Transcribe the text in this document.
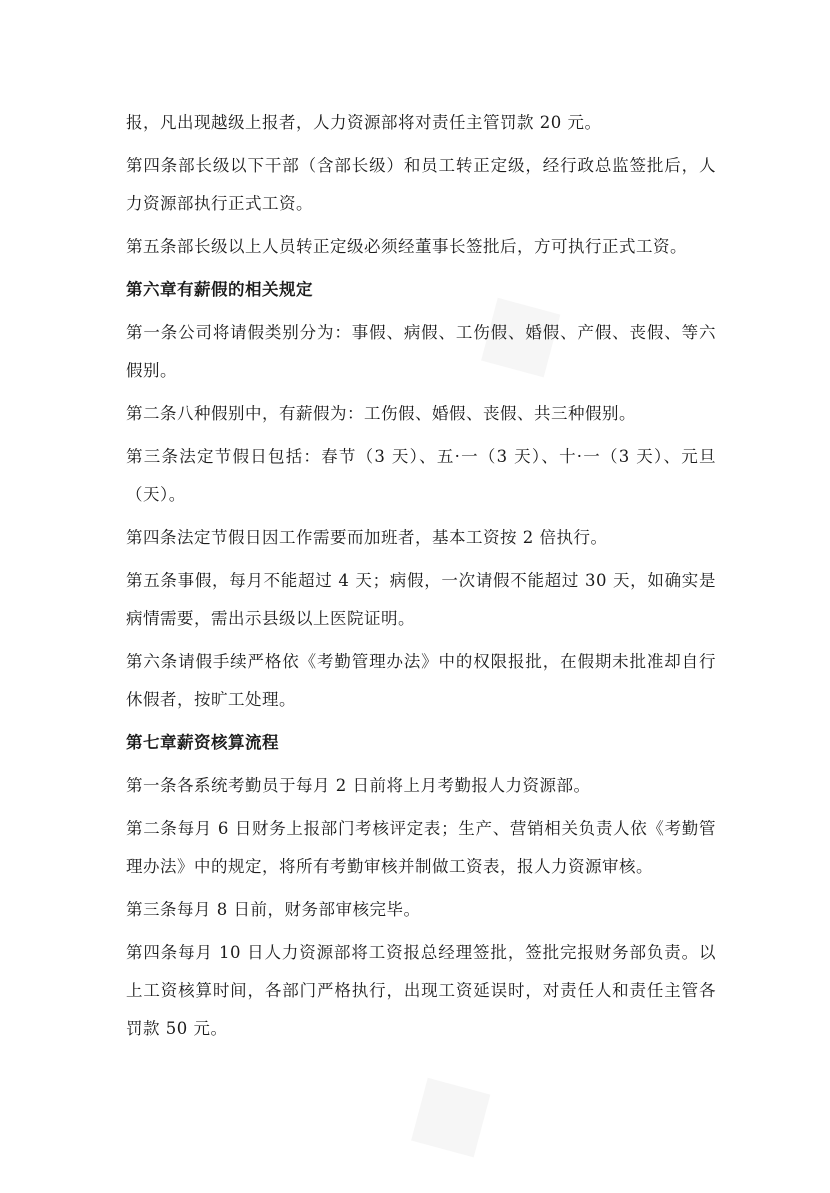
报，凡出现越级上报者，人力资源部将对责任主管罚款 20 元。

第四条部长级以下干部（含部长级）和员工转正定级，经行政总监签批后，人力资源部执行正式工资。

第五条部长级以上人员转正定级必须经董事长签批后，方可执行正式工资。

第六章有薪假的相关规定

第一条公司将请假类别分为：事假、病假、工伤假、婚假、产假、丧假、等六假别。

第二条八种假别中，有薪假为：工伤假、婚假、丧假、共三种假别。

第三条法定节假日包括：春节（3 天）、五·一（3 天）、十·一（3 天）、元旦（天）。

第四条法定节假日因工作需要而加班者，基本工资按 2 倍执行。

第五条事假，每月不能超过 4 天；病假，一次请假不能超过 30 天，如确实是病情需要，需出示县级以上医院证明。

第六条请假手续严格依《考勤管理办法》中的权限报批，在假期未批准却自行休假者，按旷工处理。

第七章薪资核算流程

第一条各系统考勤员于每月 2 日前将上月考勤报人力资源部。

第二条每月 6 日财务上报部门考核评定表；生产、营销相关负责人依《考勤管理办法》中的规定，将所有考勤审核并制做工资表，报人力资源审核。

第三条每月 8 日前，财务部审核完毕。

第四条每月 10 日人力资源部将工资报总经理签批，签批完报财务部负责。以上工资核算时间，各部门严格执行，出现工资延误时，对责任人和责任主管各罚款 50 元。
